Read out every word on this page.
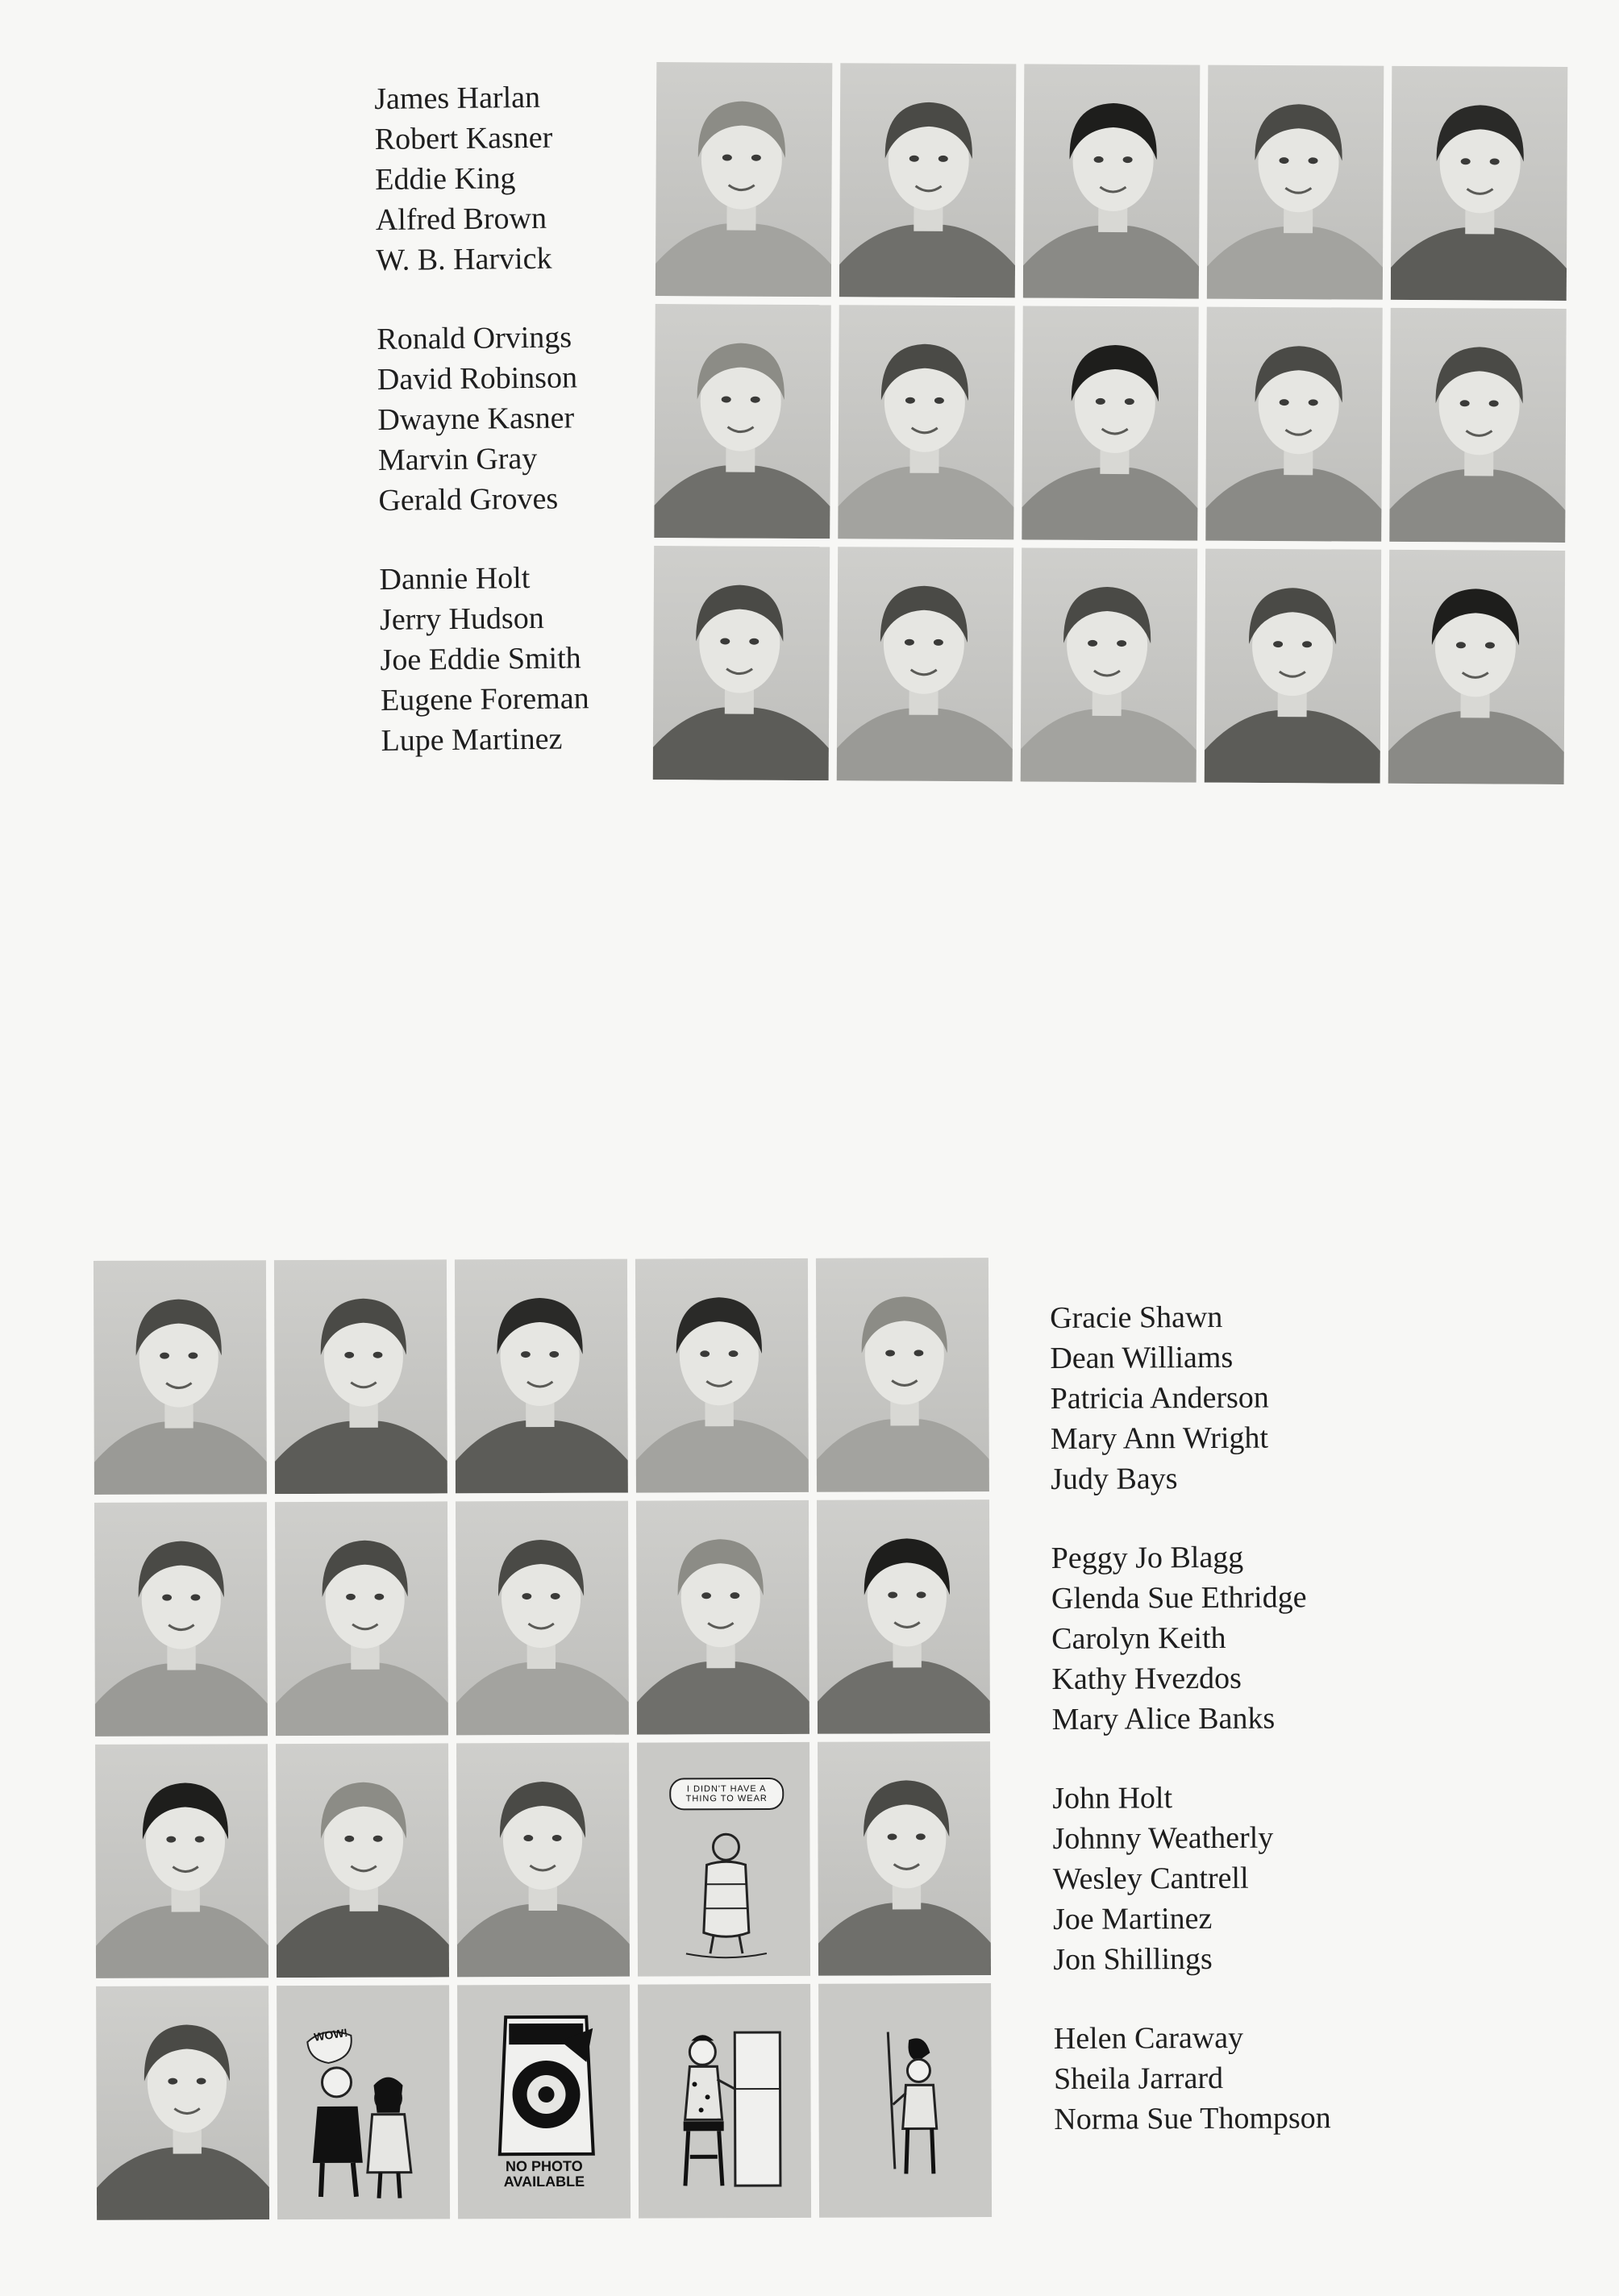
James Harlan
Robert Kasner
Eddie King
Alfred Brown
W. B. Harvick
Ronald Orvings
David Robinson
Dwayne Kasner
Marvin Gray
Gerald Groves
Dannie Holt
Jerry Hudson
Joe Eddie Smith
Eugene Foreman
Lupe Martinez
I DIDN'T HAVE A THING TO WEAR
WOW!
NO PHOTO AVAILABLE
Gracie Shawn
Dean Williams
Patricia Anderson
Mary Ann Wright
Judy Bays
Peggy Jo Blagg
Glenda Sue Ethridge
Carolyn Keith
Kathy Hvezdos
Mary Alice Banks
John Holt
Johnny Weatherly
Wesley Cantrell
Joe Martinez
Jon Shillings
Helen Caraway
Sheila Jarrard
Norma Sue Thompson
